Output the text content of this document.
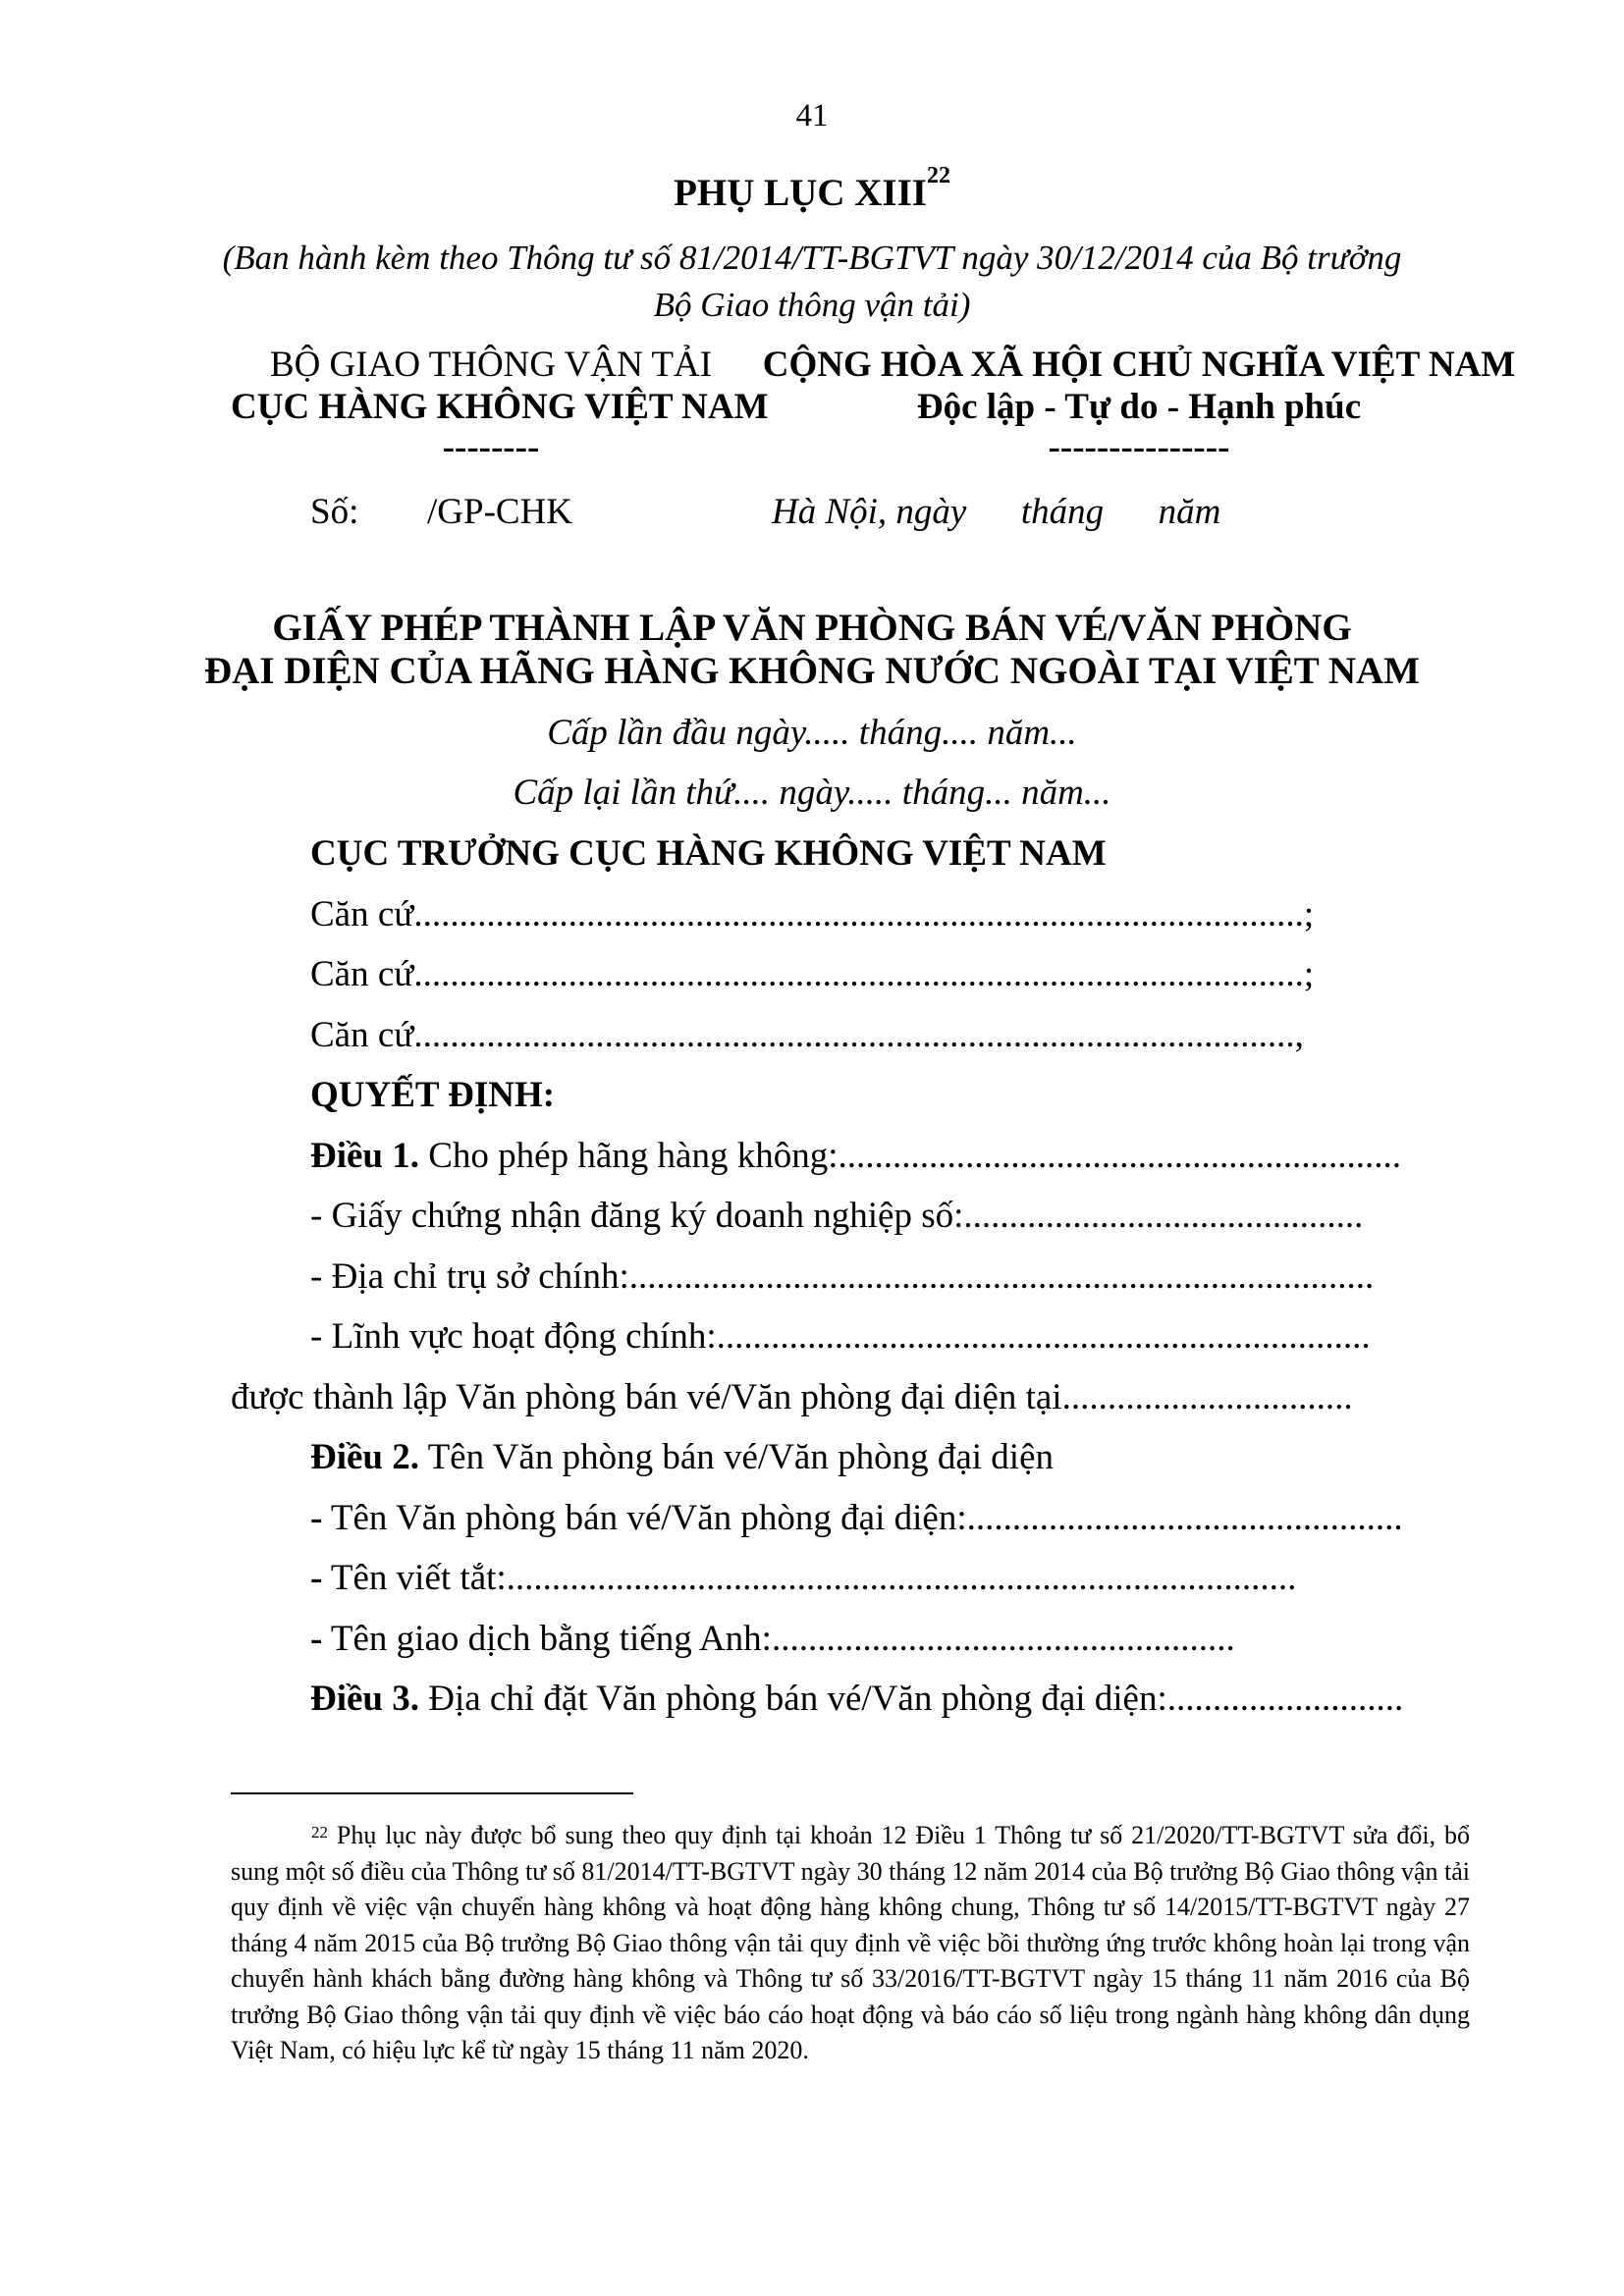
41
PHỤ LỤC XIII$^{22}$
(Ban hành kèm theo Thông tư số 81/2014/TT-BGTVT ngày 30/12/2014 của Bộ trưởng
Bộ Giao thông vận tải)
BỘ GIAO THÔNG VẬN TẢI
CỤC HÀNG KHÔNG VIỆT NAM
--------
CỘNG HÒA XÃ HỘI CHỦ NGHĨA VIỆT NAM
Độc lập - Tự do - Hạnh phúc
---------------
Số: /GP-CHK	Hà Nội, ngày      tháng      năm
GIẤY PHÉP THÀNH LẬP VĂN PHÒNG BÁN VÉ/VĂN PHÒNG
ĐẠI DIỆN CỦA HÃNG HÀNG KHÔNG NƯỚC NGOÀI TẠI VIỆT NAM
Cấp lần đầu ngày..... tháng.... năm...
Cấp lại lần thứ.... ngày..... tháng... năm...
CỤC TRƯỞNG CỤC HÀNG KHÔNG VIỆT NAM
Căn cứ..................................................................................................;
Căn cứ..................................................................................................;
Căn cứ.................................................................................................,
QUYẾT ĐỊNH:
Điều 1. Cho phép hãng hàng không:..............................................................
- Giấy chứng nhận đăng ký doanh nghiệp số:............................................
- Địa chỉ trụ sở chính:..................................................................................
- Lĩnh vực hoạt động chính:........................................................................
được thành lập Văn phòng bán vé/Văn phòng đại diện tại................................
Điều 2. Tên Văn phòng bán vé/Văn phòng đại diện
- Tên Văn phòng bán vé/Văn phòng đại diện:................................................
- Tên viết tắt:.......................................................................................
- Tên giao dịch bằng tiếng Anh:...................................................
Điều 3. Địa chỉ đặt Văn phòng bán vé/Văn phòng đại diện:..........................

$^{22}$ Phụ lục này được bổ sung theo quy định tại khoản 12 Điều 1 Thông tư số 21/2020/TT-BGTVT sửa đổi, bổ sung một số điều của Thông tư số 81/2014/TT-BGTVT ngày 30 tháng 12 năm 2014 của Bộ trưởng Bộ Giao thông vận tải quy định về việc vận chuyển hàng không và hoạt động hàng không chung, Thông tư số 14/2015/TT-BGTVT ngày 27 tháng 4 năm 2015 của Bộ trưởng Bộ Giao thông vận tải quy định về việc bồi thường ứng trước không hoàn lại trong vận chuyển hành khách bằng đường hàng không và Thông tư số 33/2016/TT-BGTVT ngày 15 tháng 11 năm 2016 của Bộ trưởng Bộ Giao thông vận tải quy định về việc báo cáo hoạt động và báo cáo số liệu trong ngành hàng không dân dụng Việt Nam, có hiệu lực kể từ ngày 15 tháng 11 năm 2020.
